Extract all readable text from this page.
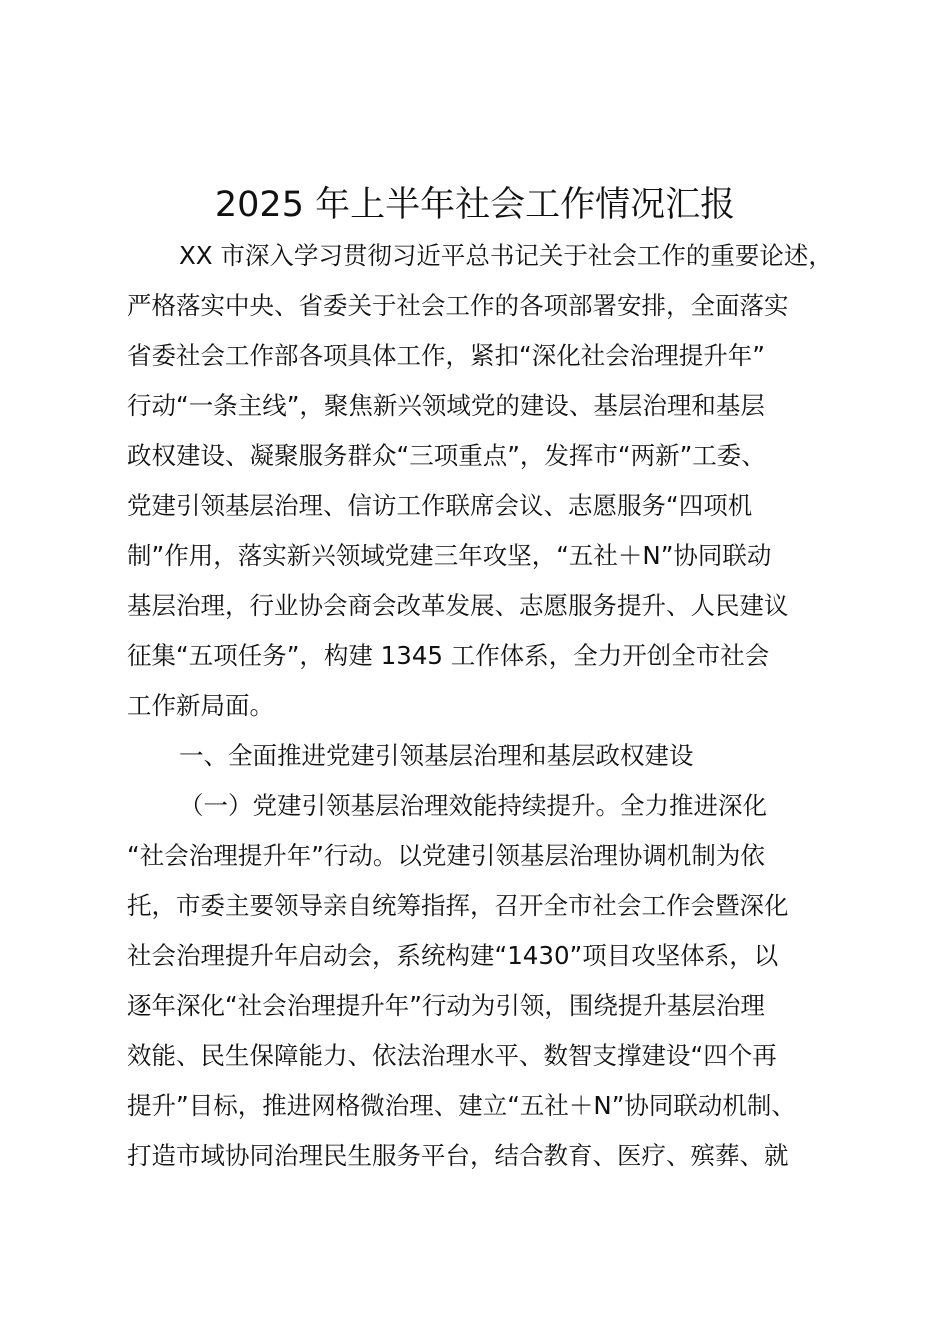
2025 年上半年社会工作情况汇报
XX 市深入学习贯彻习近平总书记关于社会工作的重要论述，
严格落实中央、省委关于社会工作的各项部署安排，全面落实
省委社会工作部各项具体工作，紧扣“深化社会治理提升年”
行动“一条主线”，聚焦新兴领域党的建设、基层治理和基层
政权建设、凝聚服务群众“三项重点”，发挥市“两新”工委、
党建引领基层治理、信访工作联席会议、志愿服务“四项机
制”作用，落实新兴领域党建三年攻坚，“五社＋N”协同联动
基层治理，行业协会商会改革发展、志愿服务提升、人民建议
征集“五项任务”，构建 1345 工作体系，全力开创全市社会
工作新局面。
一、全面推进党建引领基层治理和基层政权建设
（一）党建引领基层治理效能持续提升。全力推进深化
“社会治理提升年”行动。以党建引领基层治理协调机制为依
托，市委主要领导亲自统筹指挥，召开全市社会工作会暨深化
社会治理提升年启动会，系统构建“1430”项目攻坚体系，以
逐年深化“社会治理提升年”行动为引领，围绕提升基层治理
效能、民生保障能力、依法治理水平、数智支撑建设“四个再
提升”目标，推进网格微治理、建立“五社＋N”协同联动机制、
打造市域协同治理民生服务平台，结合教育、医疗、殡葬、就
